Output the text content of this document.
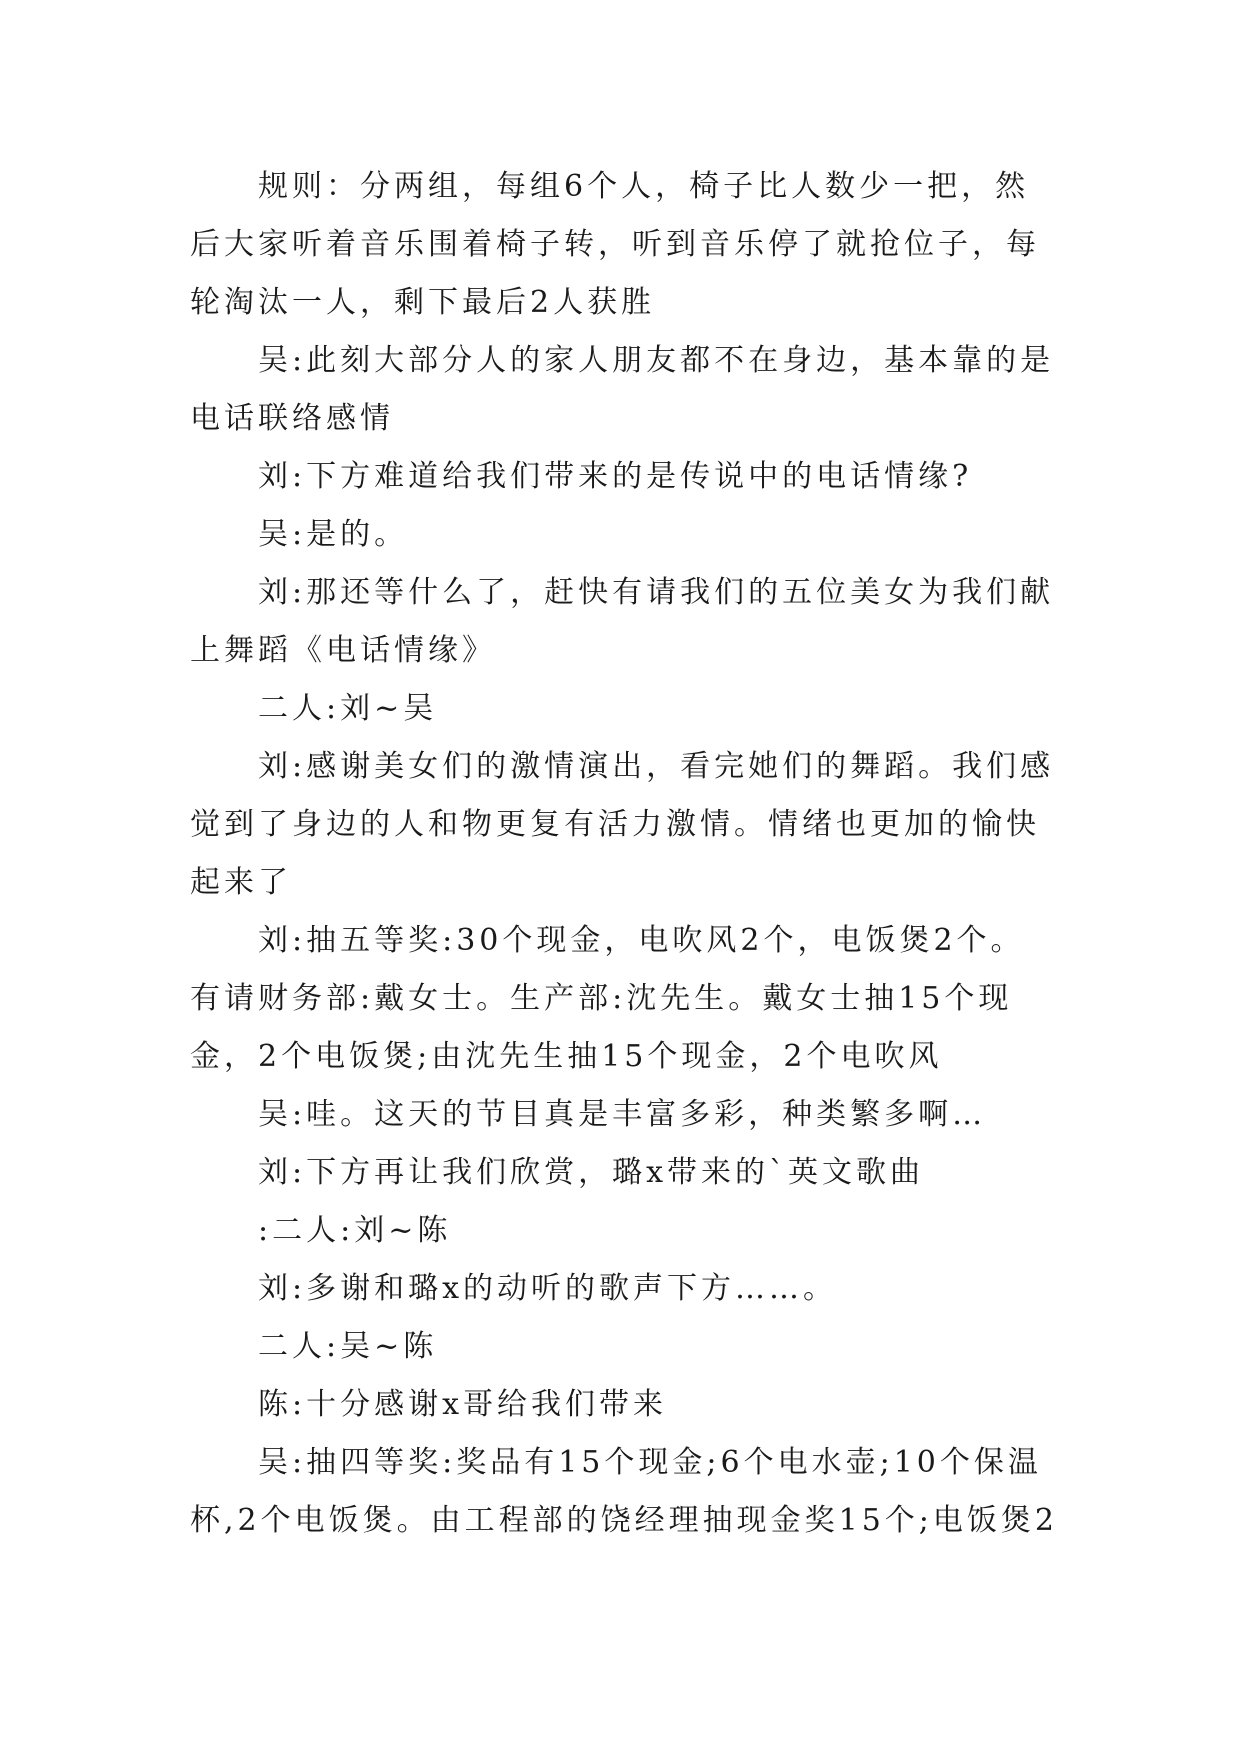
规则：分两组，每组6个人，椅子比人数少一把，然后大家听着音乐围着椅子转，听到音乐停了就抢位子，每轮淘汰一人，剩下最后2人获胜

吴:此刻大部分人的家人朋友都不在身边，基本靠的是电话联络感情

刘:下方难道给我们带来的是传说中的电话情缘?

吴:是的。

刘:那还等什么了，赶快有请我们的五位美女为我们献上舞蹈《电话情缘》

二人:刘~吴

刘:感谢美女们的激情演出，看完她们的舞蹈。我们感觉到了身边的人和物更复有活力激情。情绪也更加的愉快起来了

刘:抽五等奖:30个现金，电吹风2个，电饭煲2个。有请财务部:戴女士。生产部:沈先生。戴女士抽15个现金，2个电饭煲;由沈先生抽15个现金，2个电吹风

吴:哇。这天的节目真是丰富多彩，种类繁多啊…

刘:下方再让我们欣赏，璐x带来的`英文歌曲

:二人:刘~陈

刘:多谢和璐x的动听的歌声下方……。

二人:吴~陈

陈:十分感谢x哥给我们带来

吴:抽四等奖:奖品有15个现金;6个电水壶;10个保温杯,2个电饭煲。由工程部的饶经理抽现金奖15个;电饭煲2
